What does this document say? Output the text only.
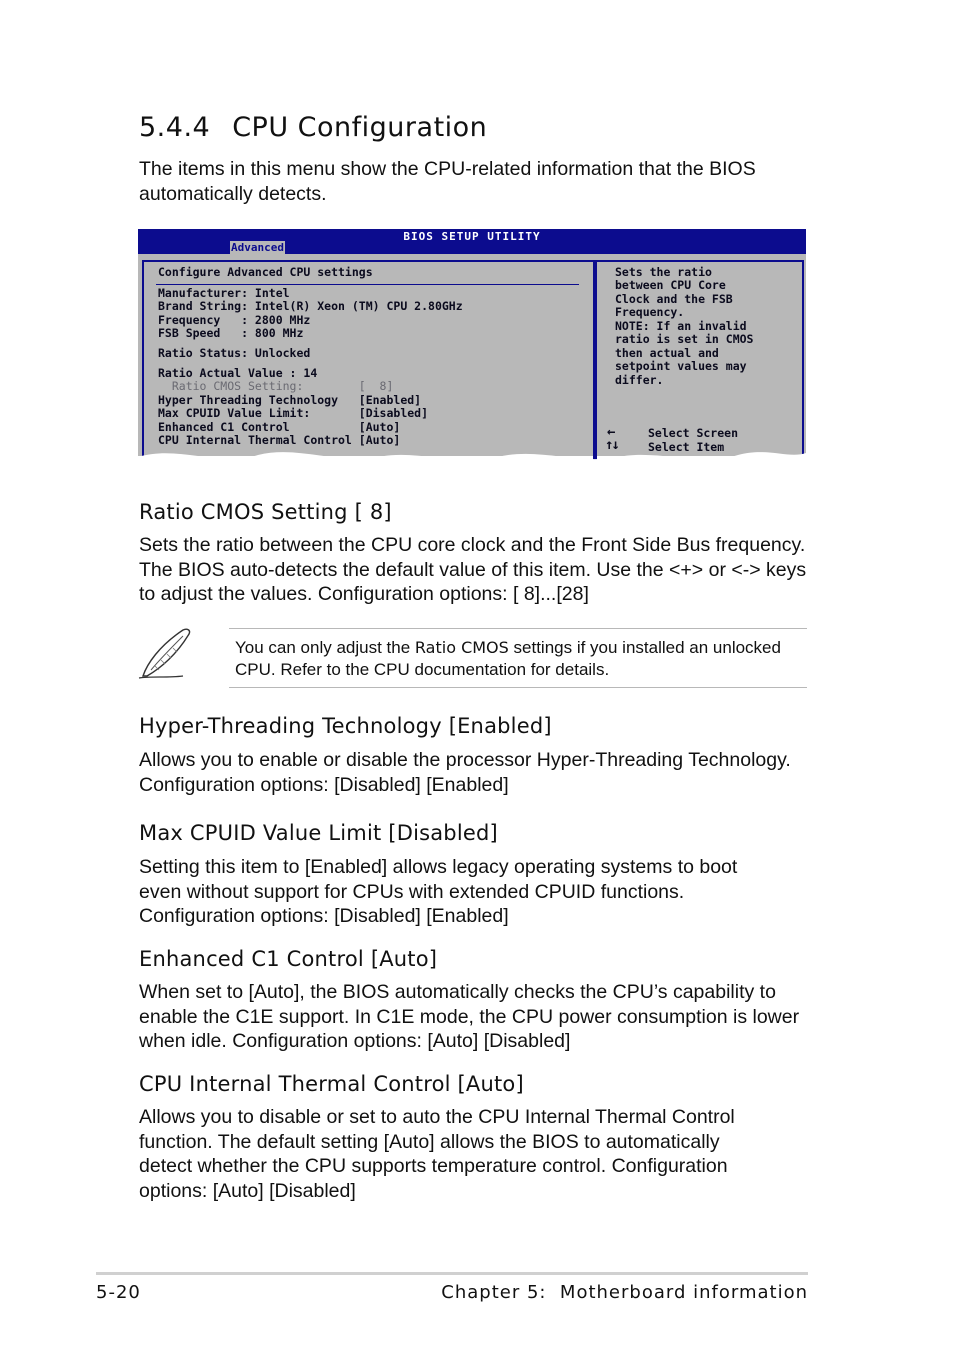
5.4.4 CPU Configuration

The items in this menu show the CPU-related information that the BIOS automatically detects.

BIOS SETUP UTILITY
Advanced
Configure Advanced CPU settings
Manufacturer: Intel
Brand String: Intel(R) Xeon (TM) CPU 2.80GHz
Frequency   : 2800 MHz
FSB Speed   : 800 MHz
Ratio Status: Unlocked
Ratio Actual Value : 14
Ratio CMOS Setting:        [  8]
Hyper Threading Technology   [Enabled]
Max CPUID Value Limit:       [Disabled]
Enhanced C1 Control          [Auto]
CPU Internal Thermal Control [Auto]
Sets the ratio
between CPU Core
Clock and the FSB
Frequency.
NOTE: If an invalid
ratio is set in CMOS
then actual and
setpoint values may
differ.
←	Select Screen
↑↓	Select Item
Ratio CMOS Setting [ 8]

Sets the ratio between the CPU core clock and the Front Side Bus frequency. The BIOS auto-detects the default value of this item. Use the <+> or <-> keys to adjust the values. Configuration options: [ 8]...[28]

You can only adjust the Ratio CMOS settings if you installed an unlocked CPU. Refer to the CPU documentation for details.

Hyper-Threading Technology [Enabled]

Allows you to enable or disable the processor Hyper-Threading Technology. Configuration options: [Disabled] [Enabled]

Max CPUID Value Limit [Disabled]

Setting this item to [Enabled] allows legacy operating systems to boot even without support for CPUs with extended CPUID functions. Configuration options: [Disabled] [Enabled]

Enhanced C1 Control [Auto]

When set to [Auto], the BIOS automatically checks the CPU’s capability to enable the C1E support. In C1E mode, the CPU power consumption is lower when idle. Configuration options: [Auto] [Disabled]

CPU Internal Thermal Control [Auto]

Allows you to disable or set to auto the CPU Internal Thermal Control function. The default setting [Auto] allows the BIOS to automatically detect whether the CPU supports temperature control. Configuration options: [Auto] [Disabled]

5-20	Chapter 5:  Motherboard information
